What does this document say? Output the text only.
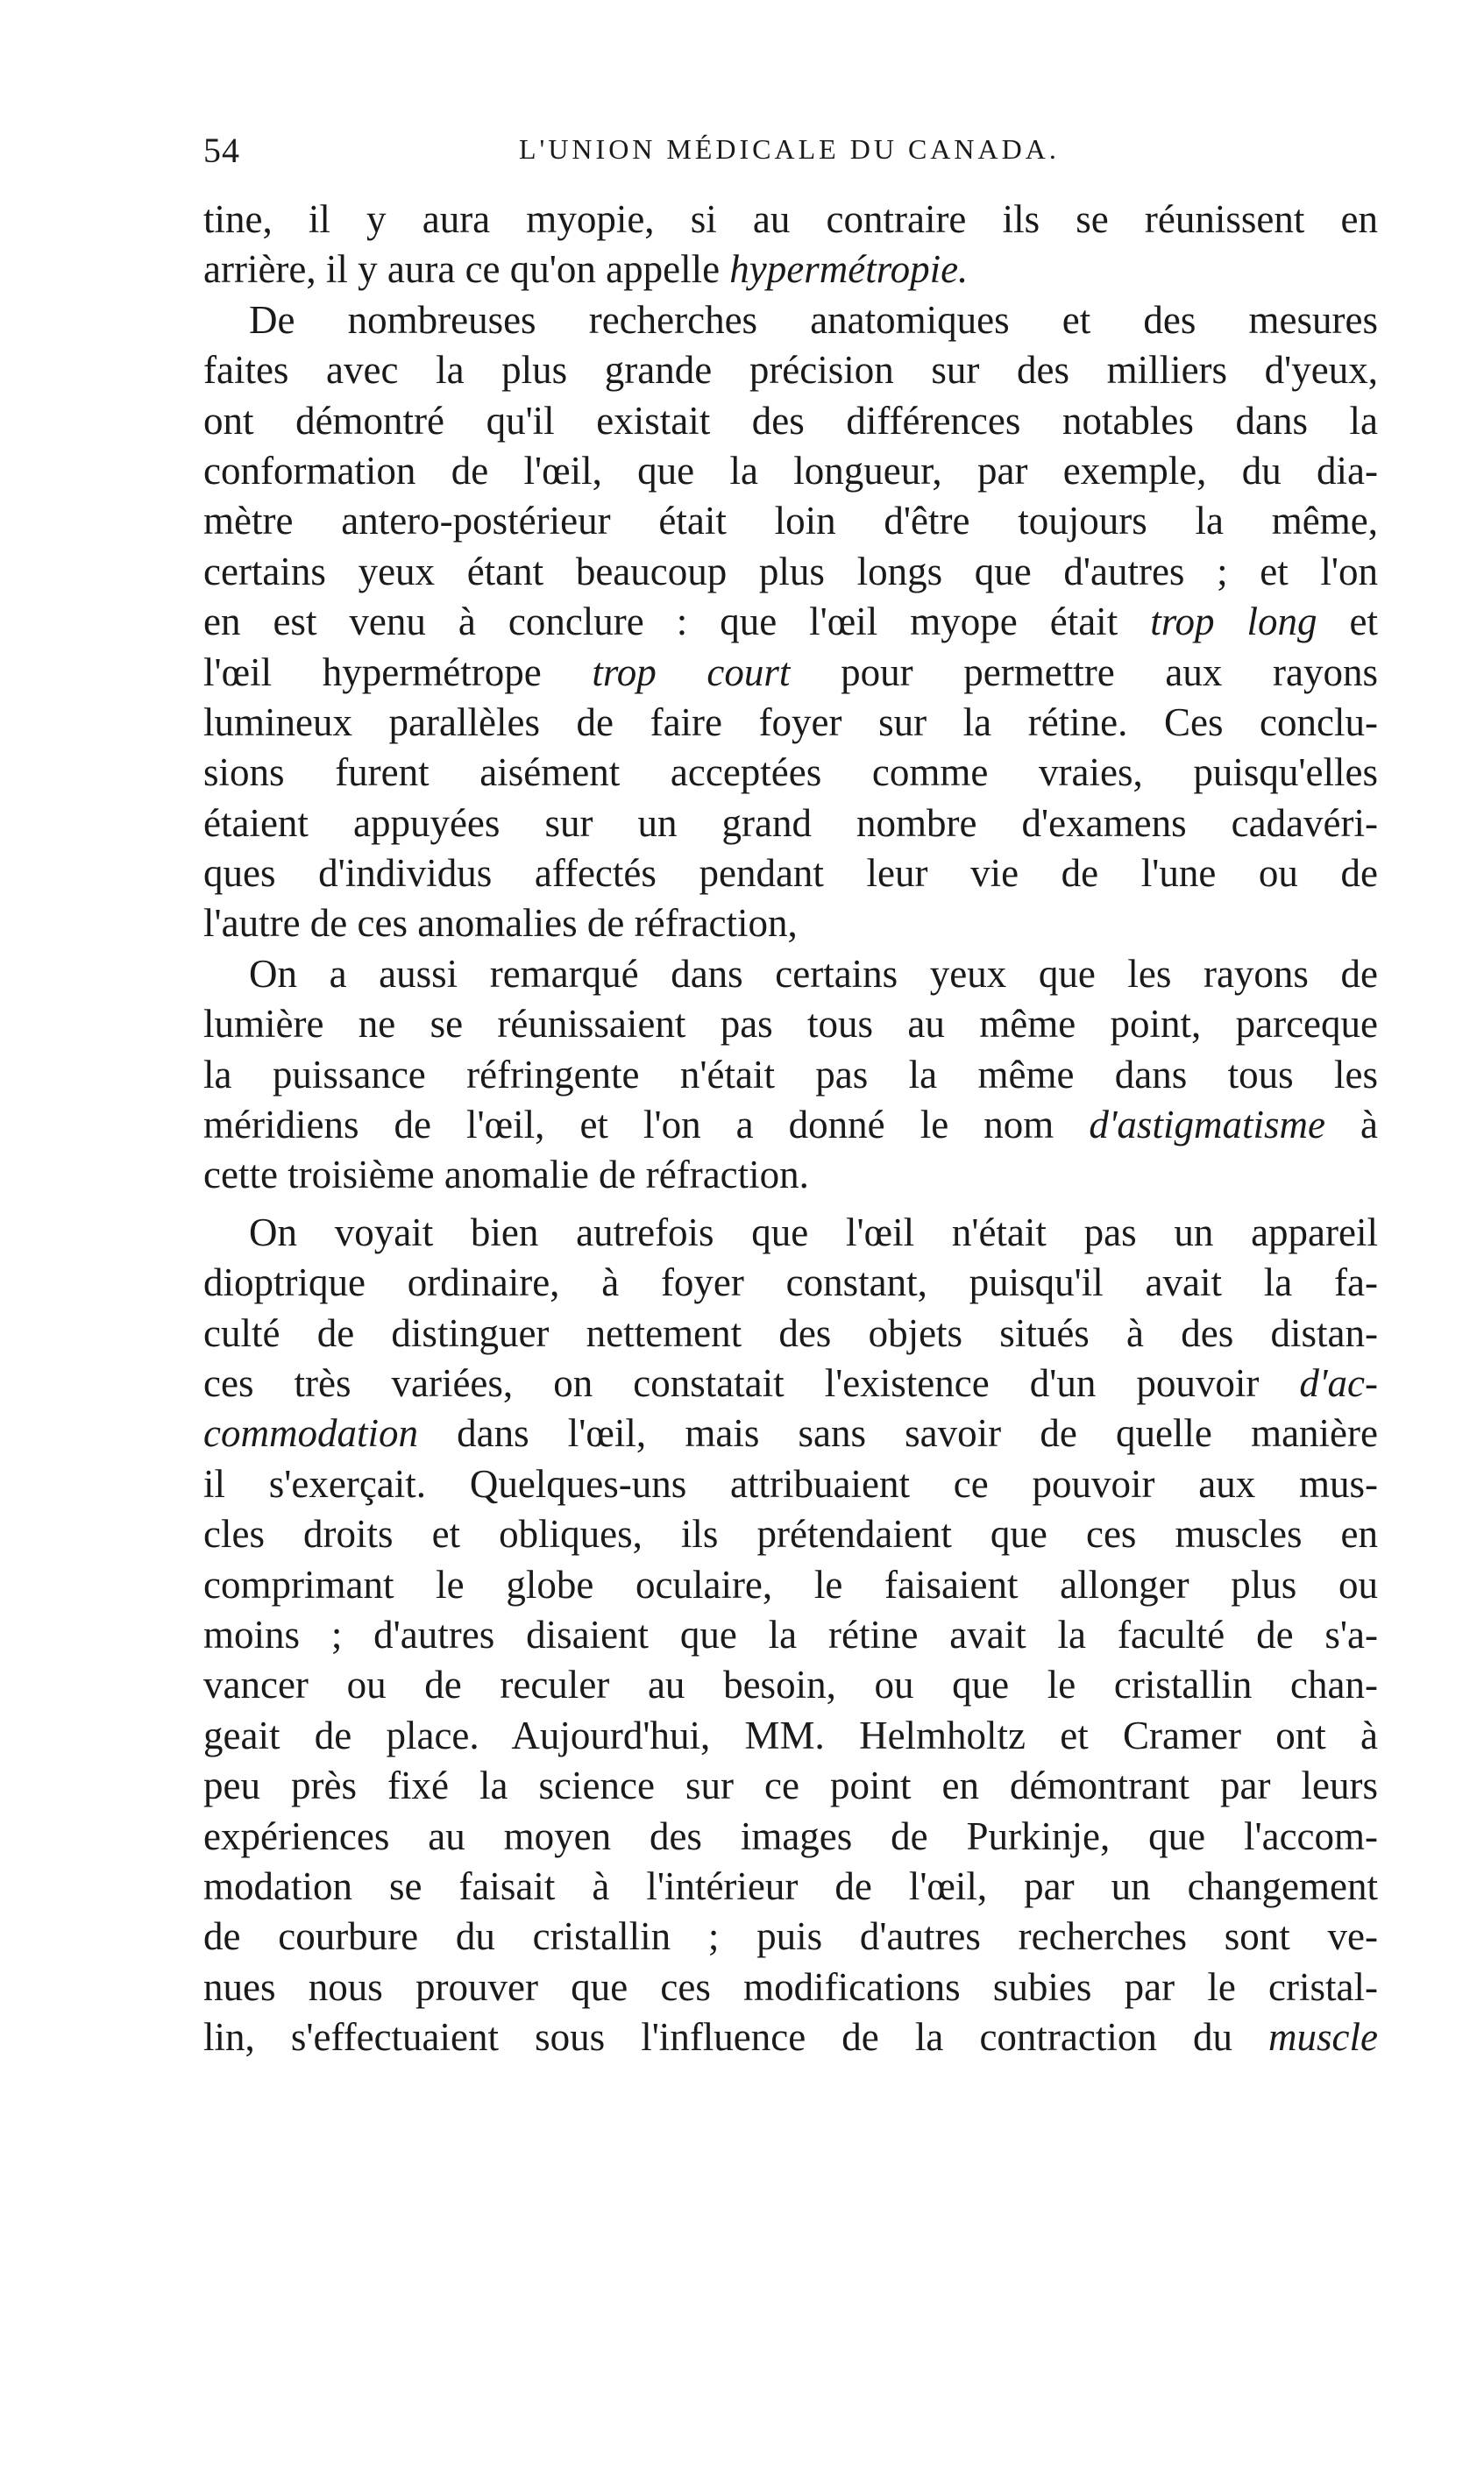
54	L'UNION MÉDICALE DU CANADA.
tine, il y aura myopie, si au contraire ils se réunissent en
arrière, il y aura ce qu'on appelle hypermétropie.
De nombreuses recherches anatomiques et des mesures
faites avec la plus grande précision sur des milliers d'yeux,
ont démontré qu'il existait des différences notables dans la
conformation de l'œil, que la longueur, par exemple, du dia-
mètre antero-postérieur était loin d'être toujours la même,
certains yeux étant beaucoup plus longs que d'autres ; et l'on
en est venu à conclure : que l'œil myope était trop long et
l'œil hypermétrope trop court pour permettre aux rayons
lumineux parallèles de faire foyer sur la rétine. Ces conclu-
sions furent aisément acceptées comme vraies, puisqu'elles
étaient appuyées sur un grand nombre d'examens cadavéri-
ques d'individus affectés pendant leur vie de l'une ou de
l'autre de ces anomalies de réfraction,
On a aussi remarqué dans certains yeux que les rayons de
lumière ne se réunissaient pas tous au même point, parceque
la puissance réfringente n'était pas la même dans tous les
méridiens de l'œil, et l'on a donné le nom d'astigmatisme à
cette troisième anomalie de réfraction.
On voyait bien autrefois que l'œil n'était pas un appareil
dioptrique ordinaire, à foyer constant, puisqu'il avait la fa-
culté de distinguer nettement des objets situés à des distan-
ces très variées, on constatait l'existence d'un pouvoir d'ac-
commodation dans l'œil, mais sans savoir de quelle manière
il s'exerçait. Quelques-uns attribuaient ce pouvoir aux mus-
cles droits et obliques, ils prétendaient que ces muscles en
comprimant le globe oculaire, le faisaient allonger plus ou
moins ; d'autres disaient que la rétine avait la faculté de s'a-
vancer ou de reculer au besoin, ou que le cristallin chan-
geait de place. Aujourd'hui, MM. Helmholtz et Cramer ont à
peu près fixé la science sur ce point en démontrant par leurs
expériences au moyen des images de Purkinje, que l'accom-
modation se faisait à l'intérieur de l'œil, par un changement
de courbure du cristallin ; puis d'autres recherches sont ve-
nues nous prouver que ces modifications subies par le cristal-
lin, s'effectuaient sous l'influence de la contraction du muscle
